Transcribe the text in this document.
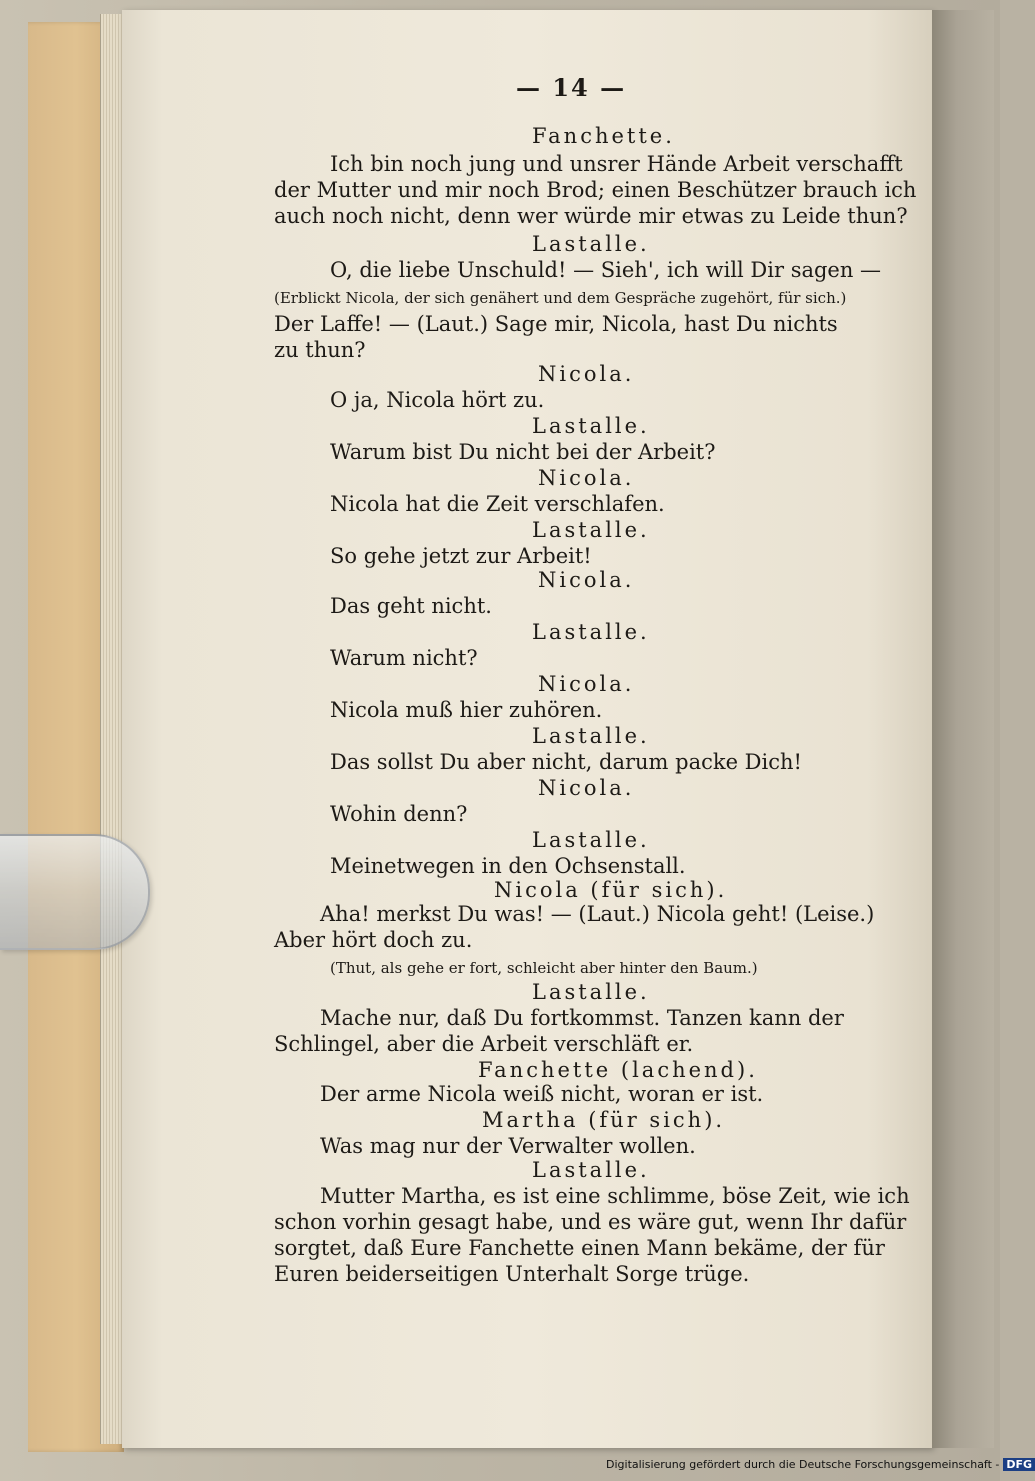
— 14 —
Fanchette.
Ich bin noch jung und unsrer Hände Arbeit verschafft
der Mutter und mir noch Brod; einen Beschützer brauch ich
auch noch nicht, denn wer würde mir etwas zu Leide thun?
Lastalle.
O, die liebe Unschuld! — Sieh', ich will Dir sagen —
(Erblickt Nicola, der sich genähert und dem Gespräche zugehört, für sich.)
Der Laffe! — (Laut.) Sage mir, Nicola, hast Du nichts
zu thun?
Nicola.
O ja, Nicola hört zu.
Lastalle.
Warum bist Du nicht bei der Arbeit?
Nicola.
Nicola hat die Zeit verschlafen.
Lastalle.
So gehe jetzt zur Arbeit!
Nicola.
Das geht nicht.
Lastalle.
Warum nicht?
Nicola.
Nicola muß hier zuhören.
Lastalle.
Das sollst Du aber nicht, darum packe Dich!
Nicola.
Wohin denn?
Lastalle.
Meinetwegen in den Ochsenstall.
Nicola (für sich).
Aha! merkst Du was! — (Laut.) Nicola geht! (Leise.)
Aber hört doch zu.
(Thut, als gehe er fort, schleicht aber hinter den Baum.)
Lastalle.
Mache nur, daß Du fortkommst. Tanzen kann der
Schlingel, aber die Arbeit verschläft er.
Fanchette (lachend).
Der arme Nicola weiß nicht, woran er ist.
Martha (für sich).
Was mag nur der Verwalter wollen.
Lastalle.
Mutter Martha, es ist eine schlimme, böse Zeit, wie ich
schon vorhin gesagt habe, und es wäre gut, wenn Ihr dafür
sorgtet, daß Eure Fanchette einen Mann bekäme, der für
Euren beiderseitigen Unterhalt Sorge trüge.
Digitalisierung gefördert durch die Deutsche Forschungsgemeinschaft - DFG
